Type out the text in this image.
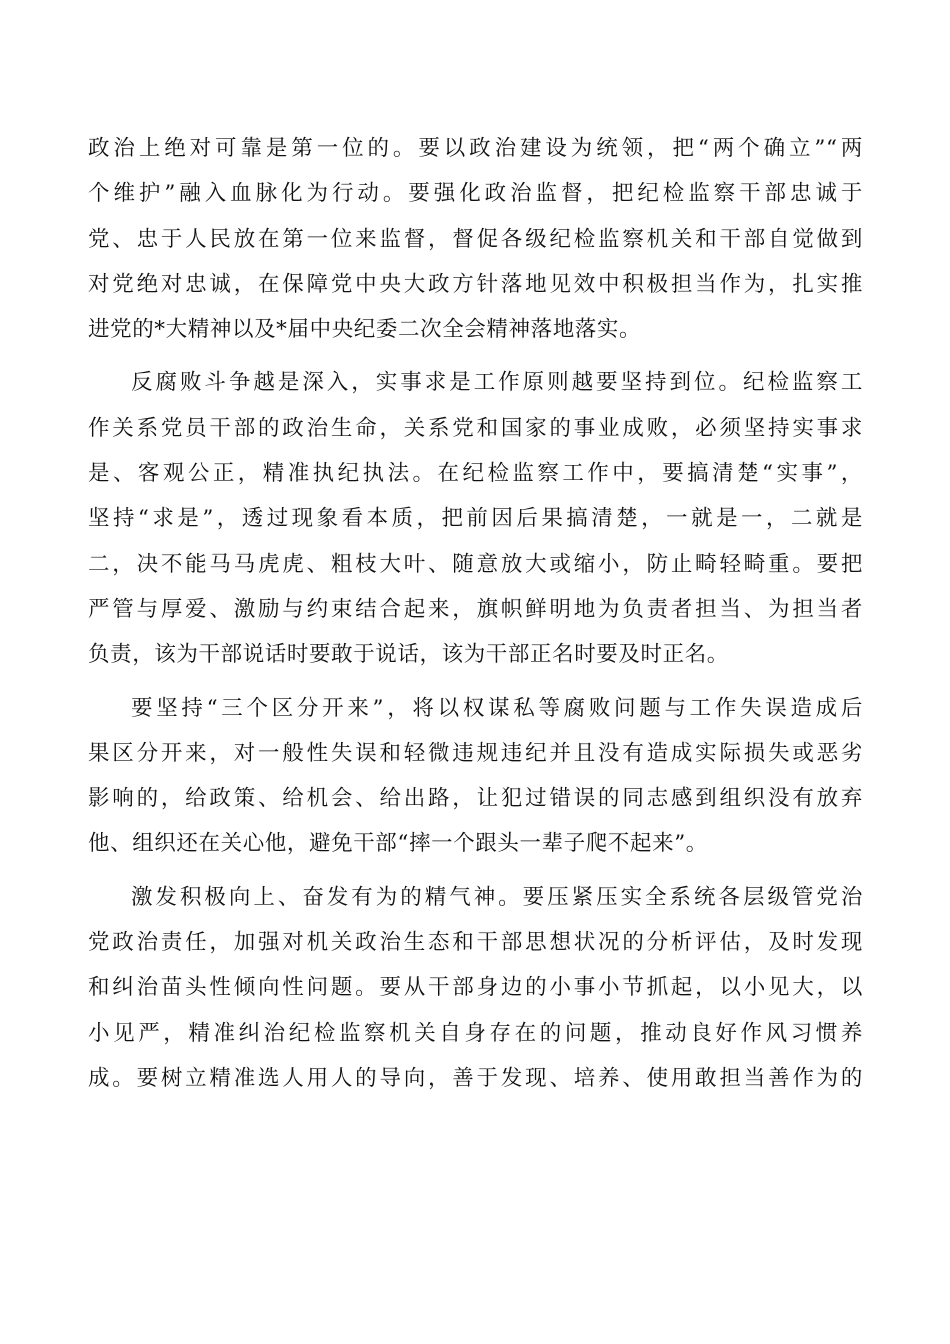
政治上绝对可靠是第一位的。要以政治建设为统领，把“两个确立”“两
个维护”融入血脉化为行动。要强化政治监督，把纪检监察干部忠诚于
党、忠于人民放在第一位来监督，督促各级纪检监察机关和干部自觉做到
对党绝对忠诚，在保障党中央大政方针落地见效中积极担当作为，扎实推
进党的*大精神以及*届中央纪委二次全会精神落地落实。
反腐败斗争越是深入，实事求是工作原则越要坚持到位。纪检监察工
作关系党员干部的政治生命，关系党和国家的事业成败，必须坚持实事求
是、客观公正，精准执纪执法。在纪检监察工作中，要搞清楚“实事”，
坚持“求是”，透过现象看本质，把前因后果搞清楚，一就是一，二就是
二，决不能马马虎虎、粗枝大叶、随意放大或缩小，防止畸轻畸重。要把
严管与厚爱、激励与约束结合起来，旗帜鲜明地为负责者担当、为担当者
负责，该为干部说话时要敢于说话，该为干部正名时要及时正名。
要坚持“三个区分开来”，将以权谋私等腐败问题与工作失误造成后
果区分开来，对一般性失误和轻微违规违纪并且没有造成实际损失或恶劣
影响的，给政策、给机会、给出路，让犯过错误的同志感到组织没有放弃
他、组织还在关心他，避免干部“摔一个跟头一辈子爬不起来”。
激发积极向上、奋发有为的精气神。要压紧压实全系统各层级管党治
党政治责任，加强对机关政治生态和干部思想状况的分析评估，及时发现
和纠治苗头性倾向性问题。要从干部身边的小事小节抓起，以小见大，以
小见严，精准纠治纪检监察机关自身存在的问题，推动良好作风习惯养
成。要树立精准选人用人的导向，善于发现、培养、使用敢担当善作为的
